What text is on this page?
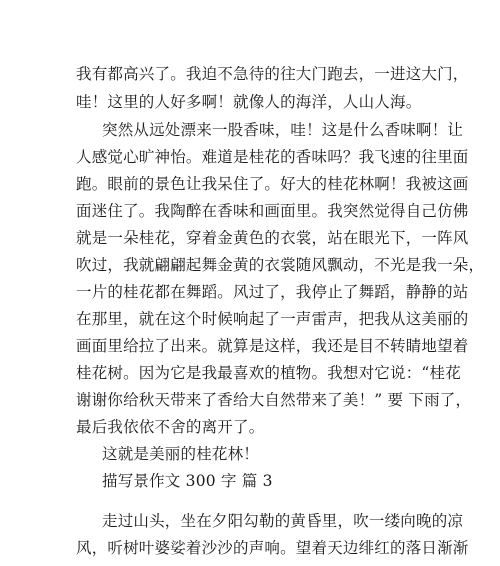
我有都高兴了。我迫不急待的往大门跑去，一进这大门，
哇！这里的人好多啊！就像人的海洋，人山人海。
突然从远处漂来一股香味，哇！这是什么香味啊！让
人感觉心旷神怡。难道是桂花的香味吗？我飞速的往里面
跑。眼前的景色让我呆住了。好大的桂花林啊！我被这画
面迷住了。我陶醉在香味和画面里。我突然觉得自己仿佛
就是一朵桂花，穿着金黄色的衣裳，站在眼光下，一阵风
吹过，我就翩翩起舞金黄的衣裳随风飘动，不光是我一朵，
一片的桂花都在舞蹈。风过了，我停止了舞蹈，静静的站
在那里，就在这个时候响起了一声雷声，把我从这美丽的
画面里给拉了出来。就算是这样，我还是目不转睛地望着
桂花树。因为它是我最喜欢的植物。我想对它说：“桂花
谢谢你给秋天带来了香给大自然带来了美！” 要 下雨了，
最后我依依不舍的离开了。
这就是美丽的桂花林！
描写景作文 300 字 篇 3
走过山头，坐在夕阳勾勒的黄昏里，吹一缕向晚的凉
风，听树叶婆娑着沙沙的声响。望着天边绯红的落日渐渐
